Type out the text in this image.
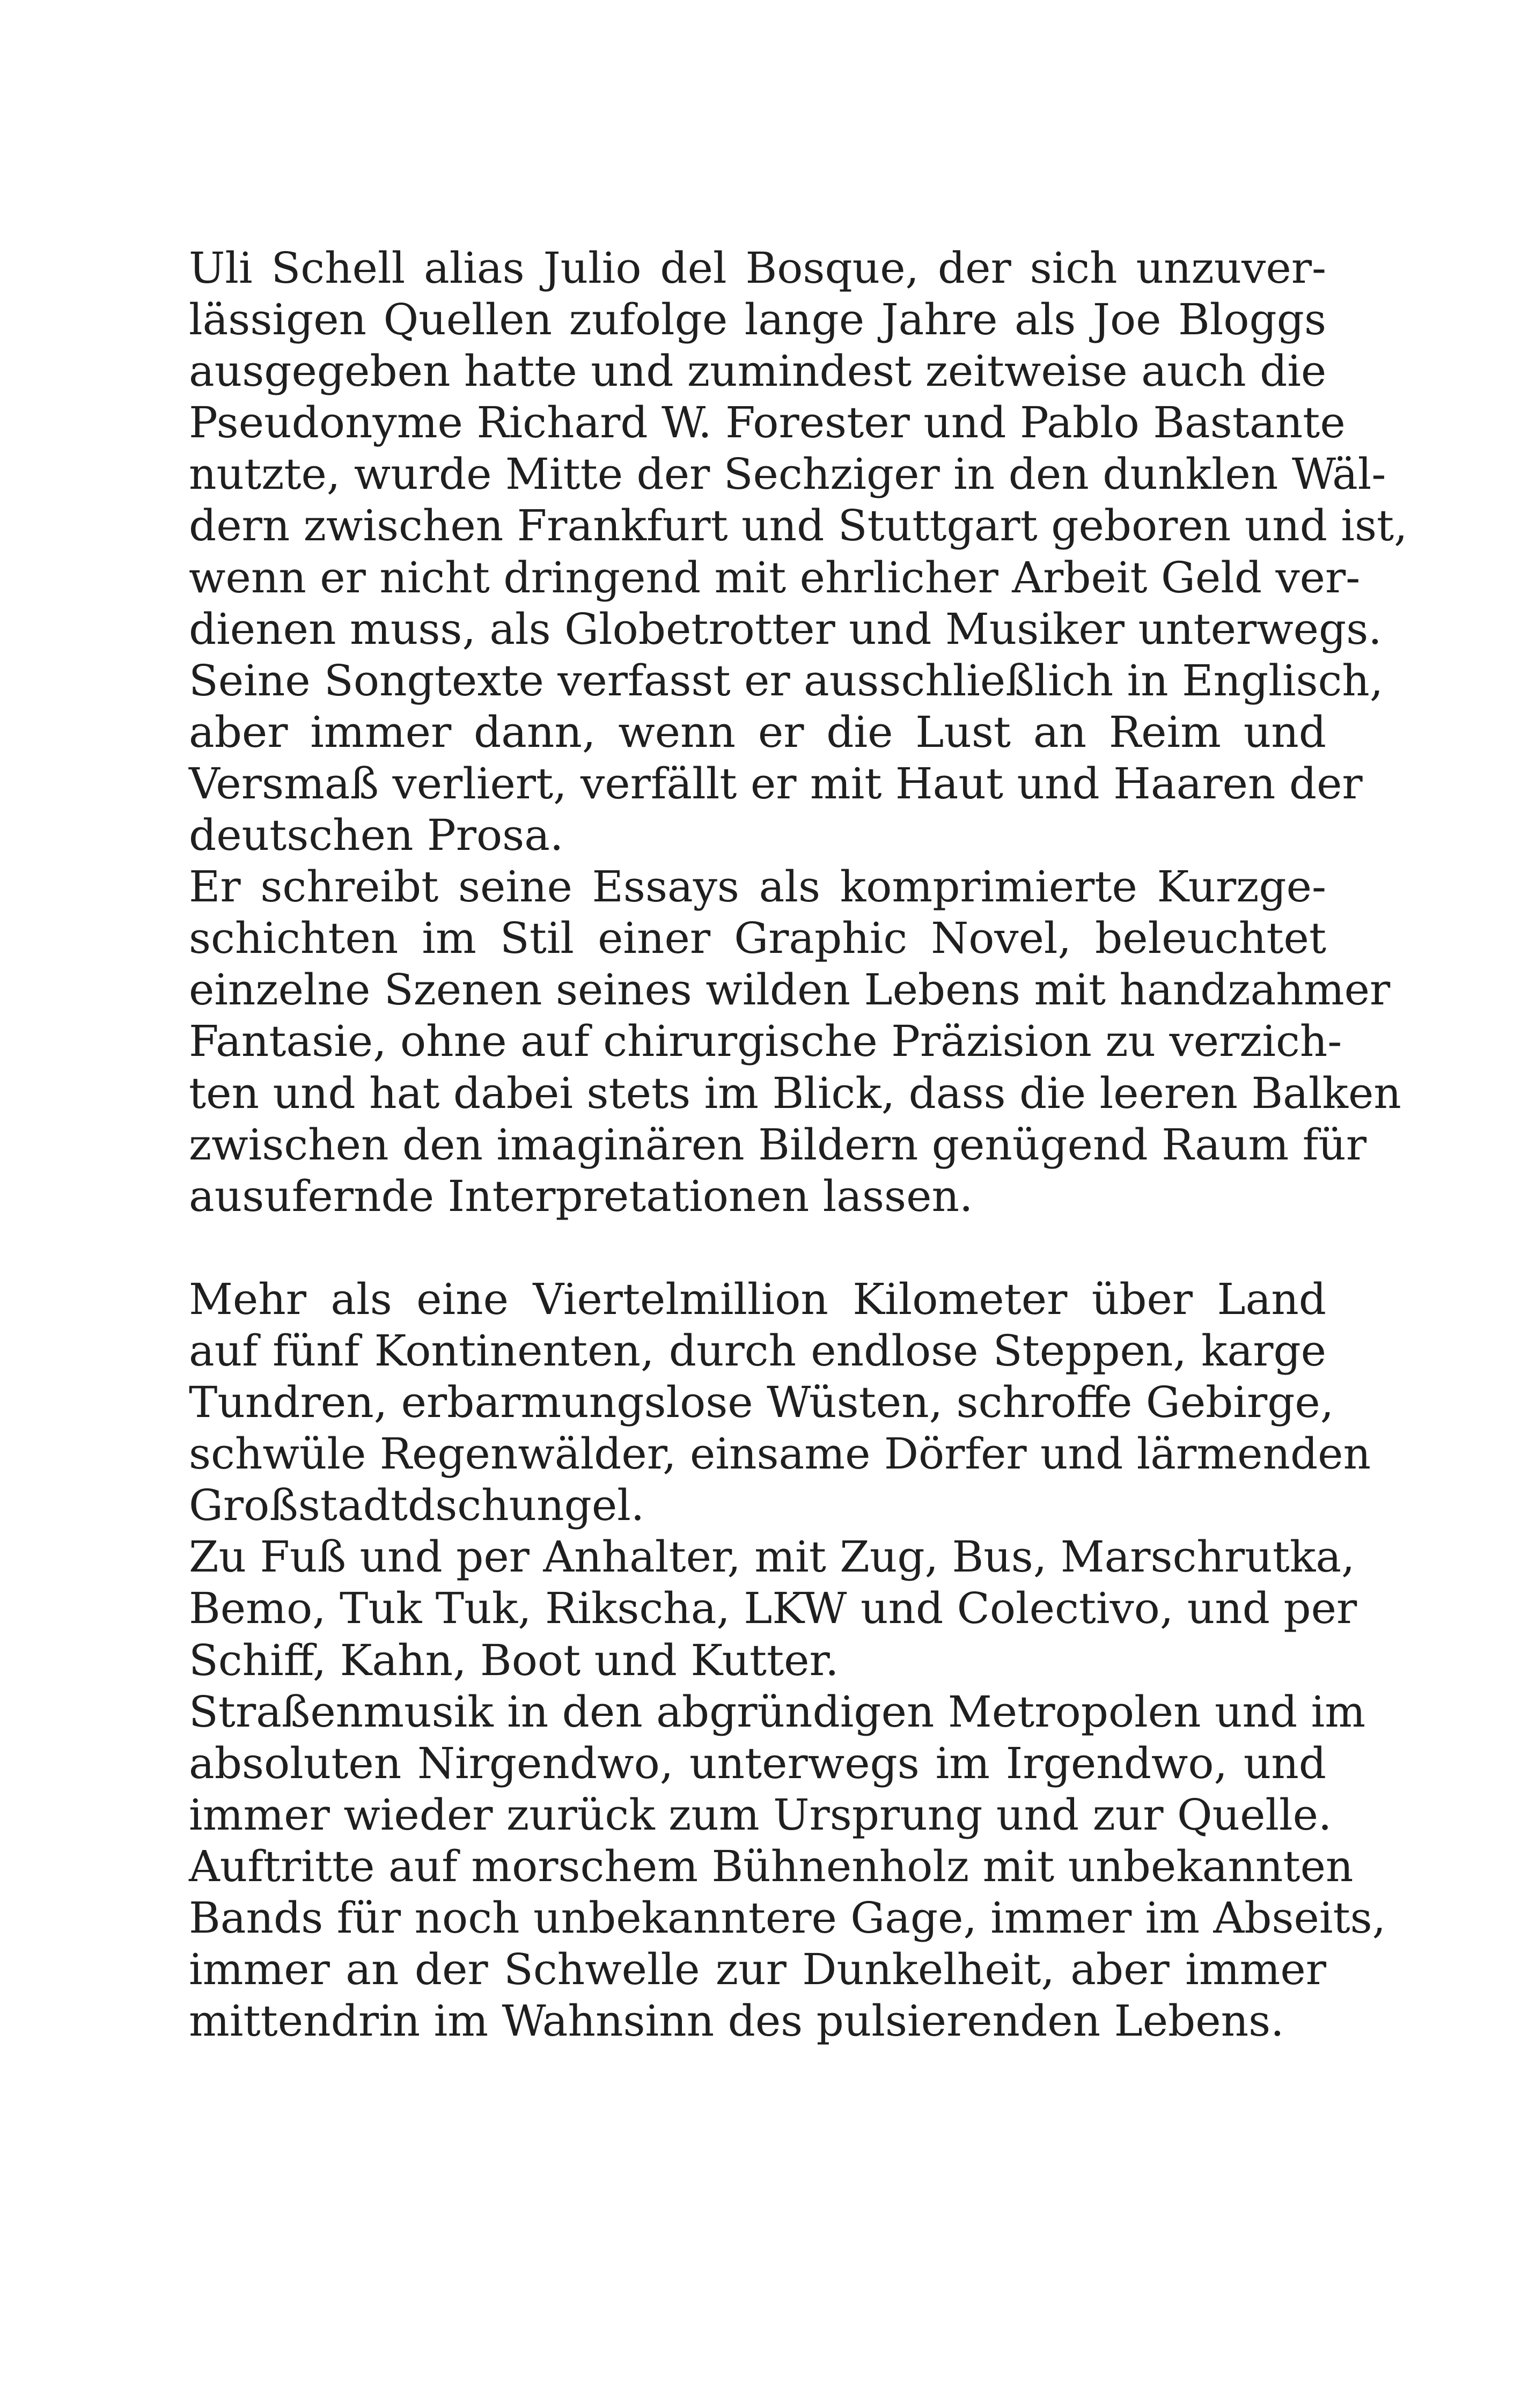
Uli Schell alias Julio del Bosque, der sich unzuver-
lässigen Quellen zufolge lange Jahre als Joe Bloggs
ausgegeben hatte und zumindest zeitweise auch die
Pseudonyme Richard W. Forester und Pablo Bastante
nutzte, wurde Mitte der Sechziger in den dunklen Wäl-
dern zwischen Frankfurt und Stuttgart geboren und ist,
wenn er nicht dringend mit ehrlicher Arbeit Geld ver-
dienen muss, als Globetrotter und Musiker unterwegs.
Seine Songtexte verfasst er ausschließlich in Englisch,
aber immer dann, wenn er die Lust an Reim und
Versmaß verliert, verfällt er mit Haut und Haaren der
deutschen Prosa.
Er schreibt seine Essays als komprimierte Kurzge-
schichten im Stil einer Graphic Novel, beleuchtet
einzelne Szenen seines wilden Lebens mit handzahmer
Fantasie, ohne auf chirurgische Präzision zu verzich-
ten und hat dabei stets im Blick, dass die leeren Balken
zwischen den imaginären Bildern genügend Raum für
ausufernde Interpretationen lassen.
Mehr als eine Viertelmillion Kilometer über Land
auf fünf Kontinenten, durch endlose Steppen, karge
Tundren, erbarmungslose Wüsten, schroffe Gebirge,
schwüle Regenwälder, einsame Dörfer und lärmenden
Großstadtdschungel.
Zu Fuß und per Anhalter, mit Zug, Bus, Marschrutka,
Bemo, Tuk Tuk, Rikscha, LKW und Colectivo, und per
Schiff, Kahn, Boot und Kutter.
Straßenmusik in den abgründigen Metropolen und im
absoluten Nirgendwo, unterwegs im Irgendwo, und
immer wieder zurück zum Ursprung und zur Quelle.
Auftritte auf morschem Bühnenholz mit unbekannten
Bands für noch unbekanntere Gage, immer im Abseits,
immer an der Schwelle zur Dunkelheit, aber immer
mittendrin im Wahnsinn des pulsierenden Lebens.
